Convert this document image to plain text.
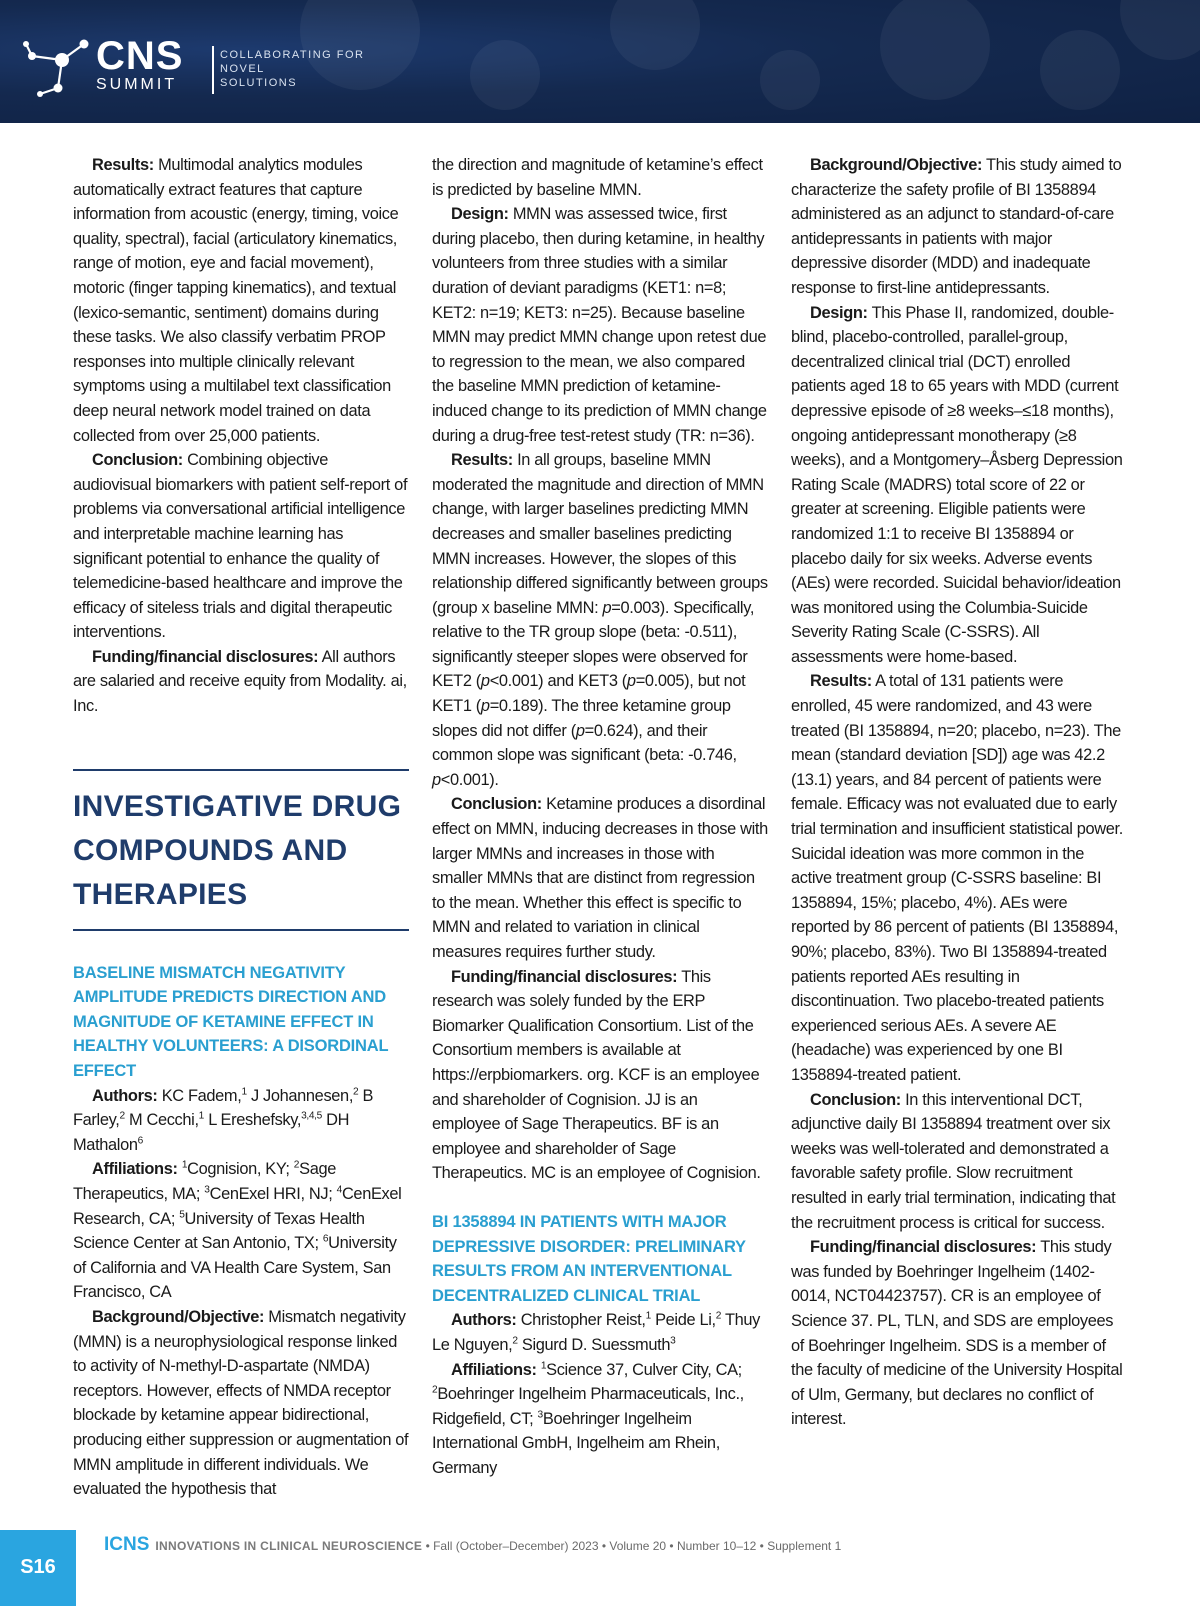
CNS
SUMMIT
COLLABORATING FOR
NOVEL
SOLUTIONS

Results: Multimodal analytics modules automatically extract features that capture information from acoustic (energy, timing, voice quality, spectral), facial (articulatory kinematics, range of motion, eye and facial movement), motoric (finger tapping kinematics), and textual (lexico-semantic, sentiment) domains during these tasks. We also classify verbatim PROP responses into multiple clinically relevant symptoms using a multilabel text classification deep neural network model trained on data collected from over 25,000 patients.

Conclusion: Combining objective audiovisual biomarkers with patient self-report of problems via conversational artificial intelligence and interpretable machine learning has significant potential to enhance the quality of telemedicine-based healthcare and improve the efficacy of siteless trials and digital therapeutic interventions.

Funding/financial disclosures: All authors are salaried and receive equity from Modality. ai, Inc.

INVESTIGATIVE DRUG COMPOUNDS AND THERAPIES
BASELINE MISMATCH NEGATIVITY AMPLITUDE PREDICTS DIRECTION AND MAGNITUDE OF KETAMINE EFFECT IN HEALTHY VOLUNTEERS: A DISORDINAL EFFECT

Authors: KC Fadem,$^1$ J Johannesen,$^2$ B Farley,$^2$ M Cecchi,$^1$ L Ereshefsky,$^{3,4,5}$ DH Mathalon$^6$

Affiliations: $^1$Cognision, KY; $^2$Sage Therapeutics, MA; $^3$CenExel HRI, NJ; $^4$CenExel Research, CA; $^5$University of Texas Health Science Center at San Antonio, TX; $^6$University of California and VA Health Care System, San Francisco, CA

Background/Objective: Mismatch negativity (MMN) is a neurophysiological response linked to activity of N-methyl-D-aspartate (NMDA) receptors. However, effects of NMDA receptor blockade by ketamine appear bidirectional, producing either suppression or augmentation of MMN amplitude in different individuals. We evaluated the hypothesis that

the direction and magnitude of ketamine’s effect is predicted by baseline MMN.

Design: MMN was assessed twice, first during placebo, then during ketamine, in healthy volunteers from three studies with a similar duration of deviant paradigms (KET1: n=8; KET2: n=19; KET3: n=25). Because baseline MMN may predict MMN change upon retest due to regression to the mean, we also compared the baseline MMN prediction of ketamine-induced change to its prediction of MMN change during a drug-free test-retest study (TR: n=36).

Results: In all groups, baseline MMN moderated the magnitude and direction of MMN change, with larger baselines predicting MMN decreases and smaller baselines predicting MMN increases. However, the slopes of this relationship differed significantly between groups (group x baseline MMN: p=0.003). Specifically, relative to the TR group slope (beta: -0.511), significantly steeper slopes were observed for KET2 (p<0.001) and KET3 (p=0.005), but not KET1 (p=0.189). The three ketamine group slopes did not differ (p=0.624), and their common slope was significant (beta: -0.746, p<0.001).

Conclusion: Ketamine produces a disordinal effect on MMN, inducing decreases in those with larger MMNs and increases in those with smaller MMNs that are distinct from regression to the mean. Whether this effect is specific to MMN and related to variation in clinical measures requires further study.

Funding/financial disclosures: This research was solely funded by the ERP Biomarker Qualification Consortium. List of the Consortium members is available at https://erpbiomarkers. org. KCF is an employee and shareholder of Cognision. JJ is an employee of Sage Therapeutics. BF is an employee and shareholder of Sage Therapeutics. MC is an employee of Cognision.

BI 1358894 IN PATIENTS WITH MAJOR DEPRESSIVE DISORDER: PRELIMINARY RESULTS FROM AN INTERVENTIONAL DECENTRALIZED CLINICAL TRIAL

Authors: Christopher Reist,$^1$ Peide Li,$^2$ Thuy Le Nguyen,$^2$ Sigurd D. Suessmuth$^3$

Affiliations: $^1$Science 37, Culver City, CA; $^2$Boehringer Ingelheim Pharmaceuticals, Inc., Ridgefield, CT; $^3$Boehringer Ingelheim International GmbH, Ingelheim am Rhein, Germany

Background/Objective: This study aimed to characterize the safety profile of BI 1358894 administered as an adjunct to standard-of-care antidepressants in patients with major depressive disorder (MDD) and inadequate response to first-line antidepressants.

Design: This Phase II, randomized, double-blind, placebo-controlled, parallel-group, decentralized clinical trial (DCT) enrolled patients aged 18 to 65 years with MDD (current depressive episode of ≥8 weeks–≤18 months), ongoing antidepressant monotherapy (≥8 weeks), and a Montgomery–Åsberg Depression Rating Scale (MADRS) total score of 22 or greater at screening. Eligible patients were randomized 1:1 to receive BI 1358894 or placebo daily for six weeks. Adverse events (AEs) were recorded. Suicidal behavior/ideation was monitored using the Columbia-Suicide Severity Rating Scale (C-SSRS). All assessments were home-based.

Results: A total of 131 patients were enrolled, 45 were randomized, and 43 were treated (BI 1358894, n=20; placebo, n=23). The mean (standard deviation [SD]) age was 42.2 (13.1) years, and 84 percent of patients were female. Efficacy was not evaluated due to early trial termination and insufficient statistical power. Suicidal ideation was more common in the active treatment group (C-SSRS baseline: BI 1358894, 15%; placebo, 4%). AEs were reported by 86 percent of patients (BI 1358894, 90%; placebo, 83%). Two BI 1358894-treated patients reported AEs resulting in discontinuation. Two placebo-treated patients experienced serious AEs. A severe AE (headache) was experienced by one BI 1358894-treated patient.

Conclusion: In this interventional DCT, adjunctive daily BI 1358894 treatment over six weeks was well-tolerated and demonstrated a favorable safety profile. Slow recruitment resulted in early trial termination, indicating that the recruitment process is critical for success.

Funding/financial disclosures: This study was funded by Boehringer Ingelheim (1402-0014, NCT04423757). CR is an employee of Science 37. PL, TLN, and SDS are employees of Boehringer Ingelheim. SDS is a member of the faculty of medicine of the University Hospital of Ulm, Germany, but declares no conflict of interest.

S16
ICNS INNOVATIONS IN CLINICAL NEUROSCIENCE • Fall (October–December) 2023 • Volume 20 • Number 10–12 • Supplement 1
